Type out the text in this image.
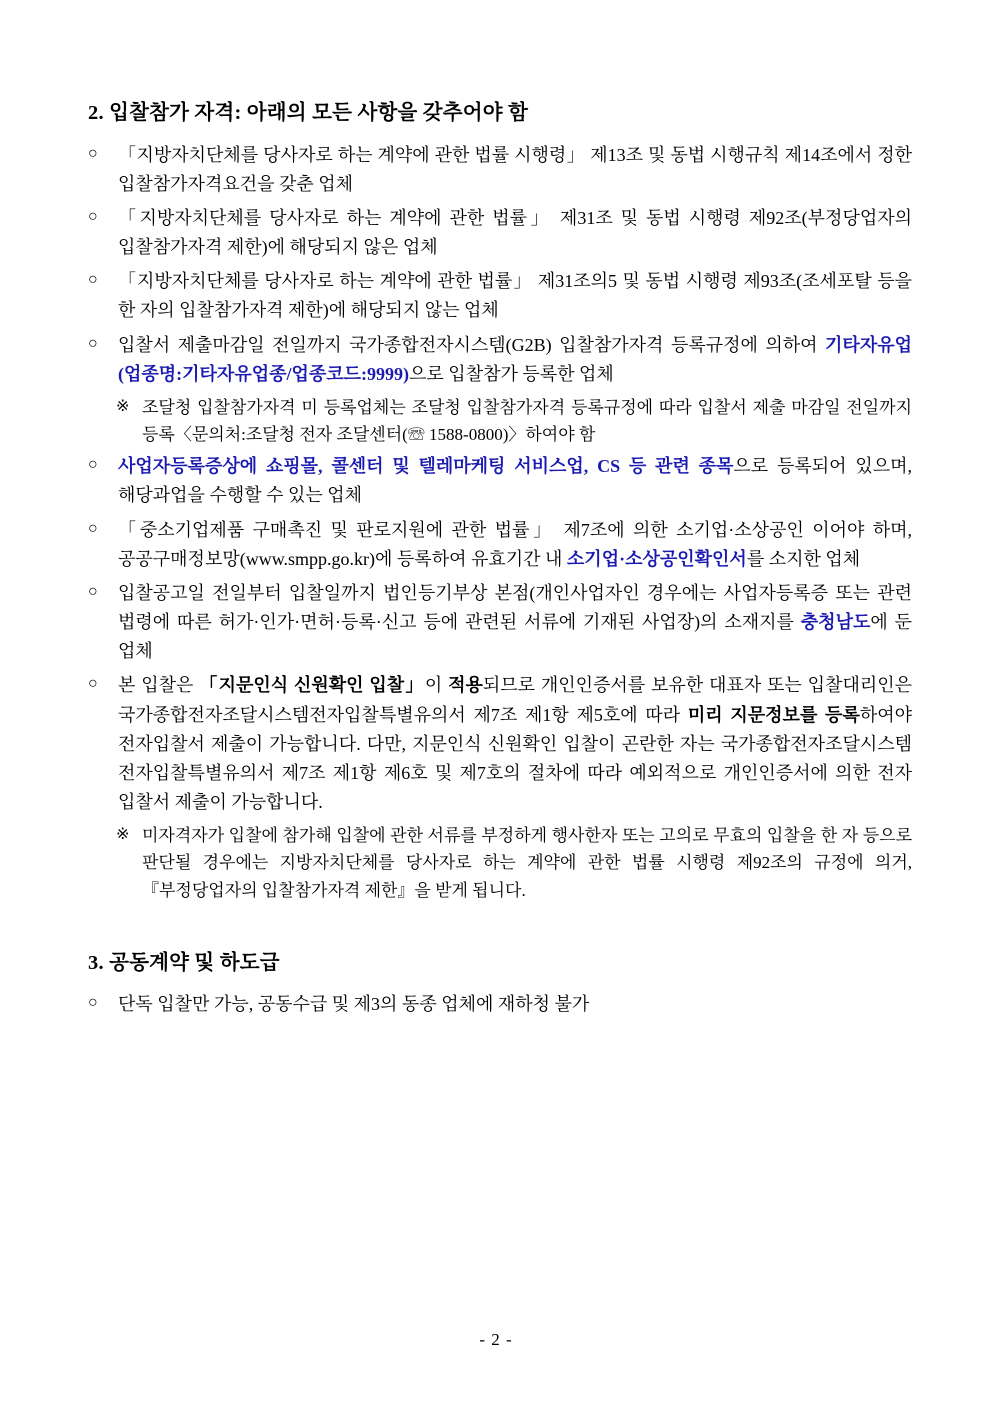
2. 입찰참가 자격: 아래의 모든 사항을 갖추어야 함
○	「지방자치단체를 당사자로 하는 계약에 관한 법률 시행령」 제13조 및 동법 시행규칙 제14조에서 정한 입찰참가자격요건을 갖춘 업체
○	「지방자치단체를 당사자로 하는 계약에 관한 법률」 제31조 및 동법 시행령 제92조(부정당업자의 입찰참가자격 제한)에 해당되지 않은 업체
○	「지방자치단체를 당사자로 하는 계약에 관한 법률」 제31조의5 및 동법 시행령 제93조(조세포탈 등을 한 자의 입찰참가자격 제한)에 해당되지 않는 업체
○	입찰서 제출마감일 전일까지 국가종합전자시스템(G2B) 입찰참가자격 등록규정에 의하여 기타자유업(업종명:기타자유업종/업종코드:9999)으로 입찰참가 등록한 업체
※ 조달청 입찰참가자격 미 등록업체는 조달청 입찰참가자격 등록규정에 따라 입찰서 제출 마감일 전일까지 등록〈문의처:조달청 전자 조달센터(☏ 1588-0800)〉하여야 함
○	사업자등록증상에 쇼핑몰, 콜센터 및 텔레마케팅 서비스업, CS 등 관련 종목으로 등록되어 있으며, 해당과업을 수행할 수 있는 업체
○	「중소기업제품 구매촉진 및 판로지원에 관한 법률」 제7조에 의한 소기업·소상공인 이어야 하며, 공공구매정보망(www.smpp.go.kr)에 등록하여 유효기간 내 소기업·소상공인확인서를 소지한 업체
○	입찰공고일 전일부터 입찰일까지 법인등기부상 본점(개인사업자인 경우에는 사업자등록증 또는 관련 법령에 따른 허가·인가·면허·등록·신고 등에 관련된 서류에 기재된 사업장)의 소재지를 충청남도에 둔 업체
○	본 입찰은 「지문인식 신원확인 입찰」이 적용되므로 개인인증서를 보유한 대표자 또는 입찰대리인은 국가종합전자조달시스템전자입찰특별유의서 제7조 제1항 제5호에 따라 미리 지문정보를 등록하여야 전자입찰서 제출이 가능합니다. 다만, 지문인식 신원확인 입찰이 곤란한 자는 국가종합전자조달시스템 전자입찰특별유의서 제7조 제1항 제6호 및 제7호의 절차에 따라 예외적으로 개인인증서에 의한 전자 입찰서 제출이 가능합니다.
※ 미자격자가 입찰에 참가해 입찰에 관한 서류를 부정하게 행사한자 또는 고의로 무효의 입찰을 한 자 등으로 판단될 경우에는 지방자치단체를 당사자로 하는 계약에 관한 법률 시행령 제92조의 규정에 의거,『부정당업자의 입찰참가자격 제한』을 받게 됩니다.
3. 공동계약 및 하도급
○	단독 입찰만 가능, 공동수급 및 제3의 동종 업체에 재하청 불가
- 2 -
